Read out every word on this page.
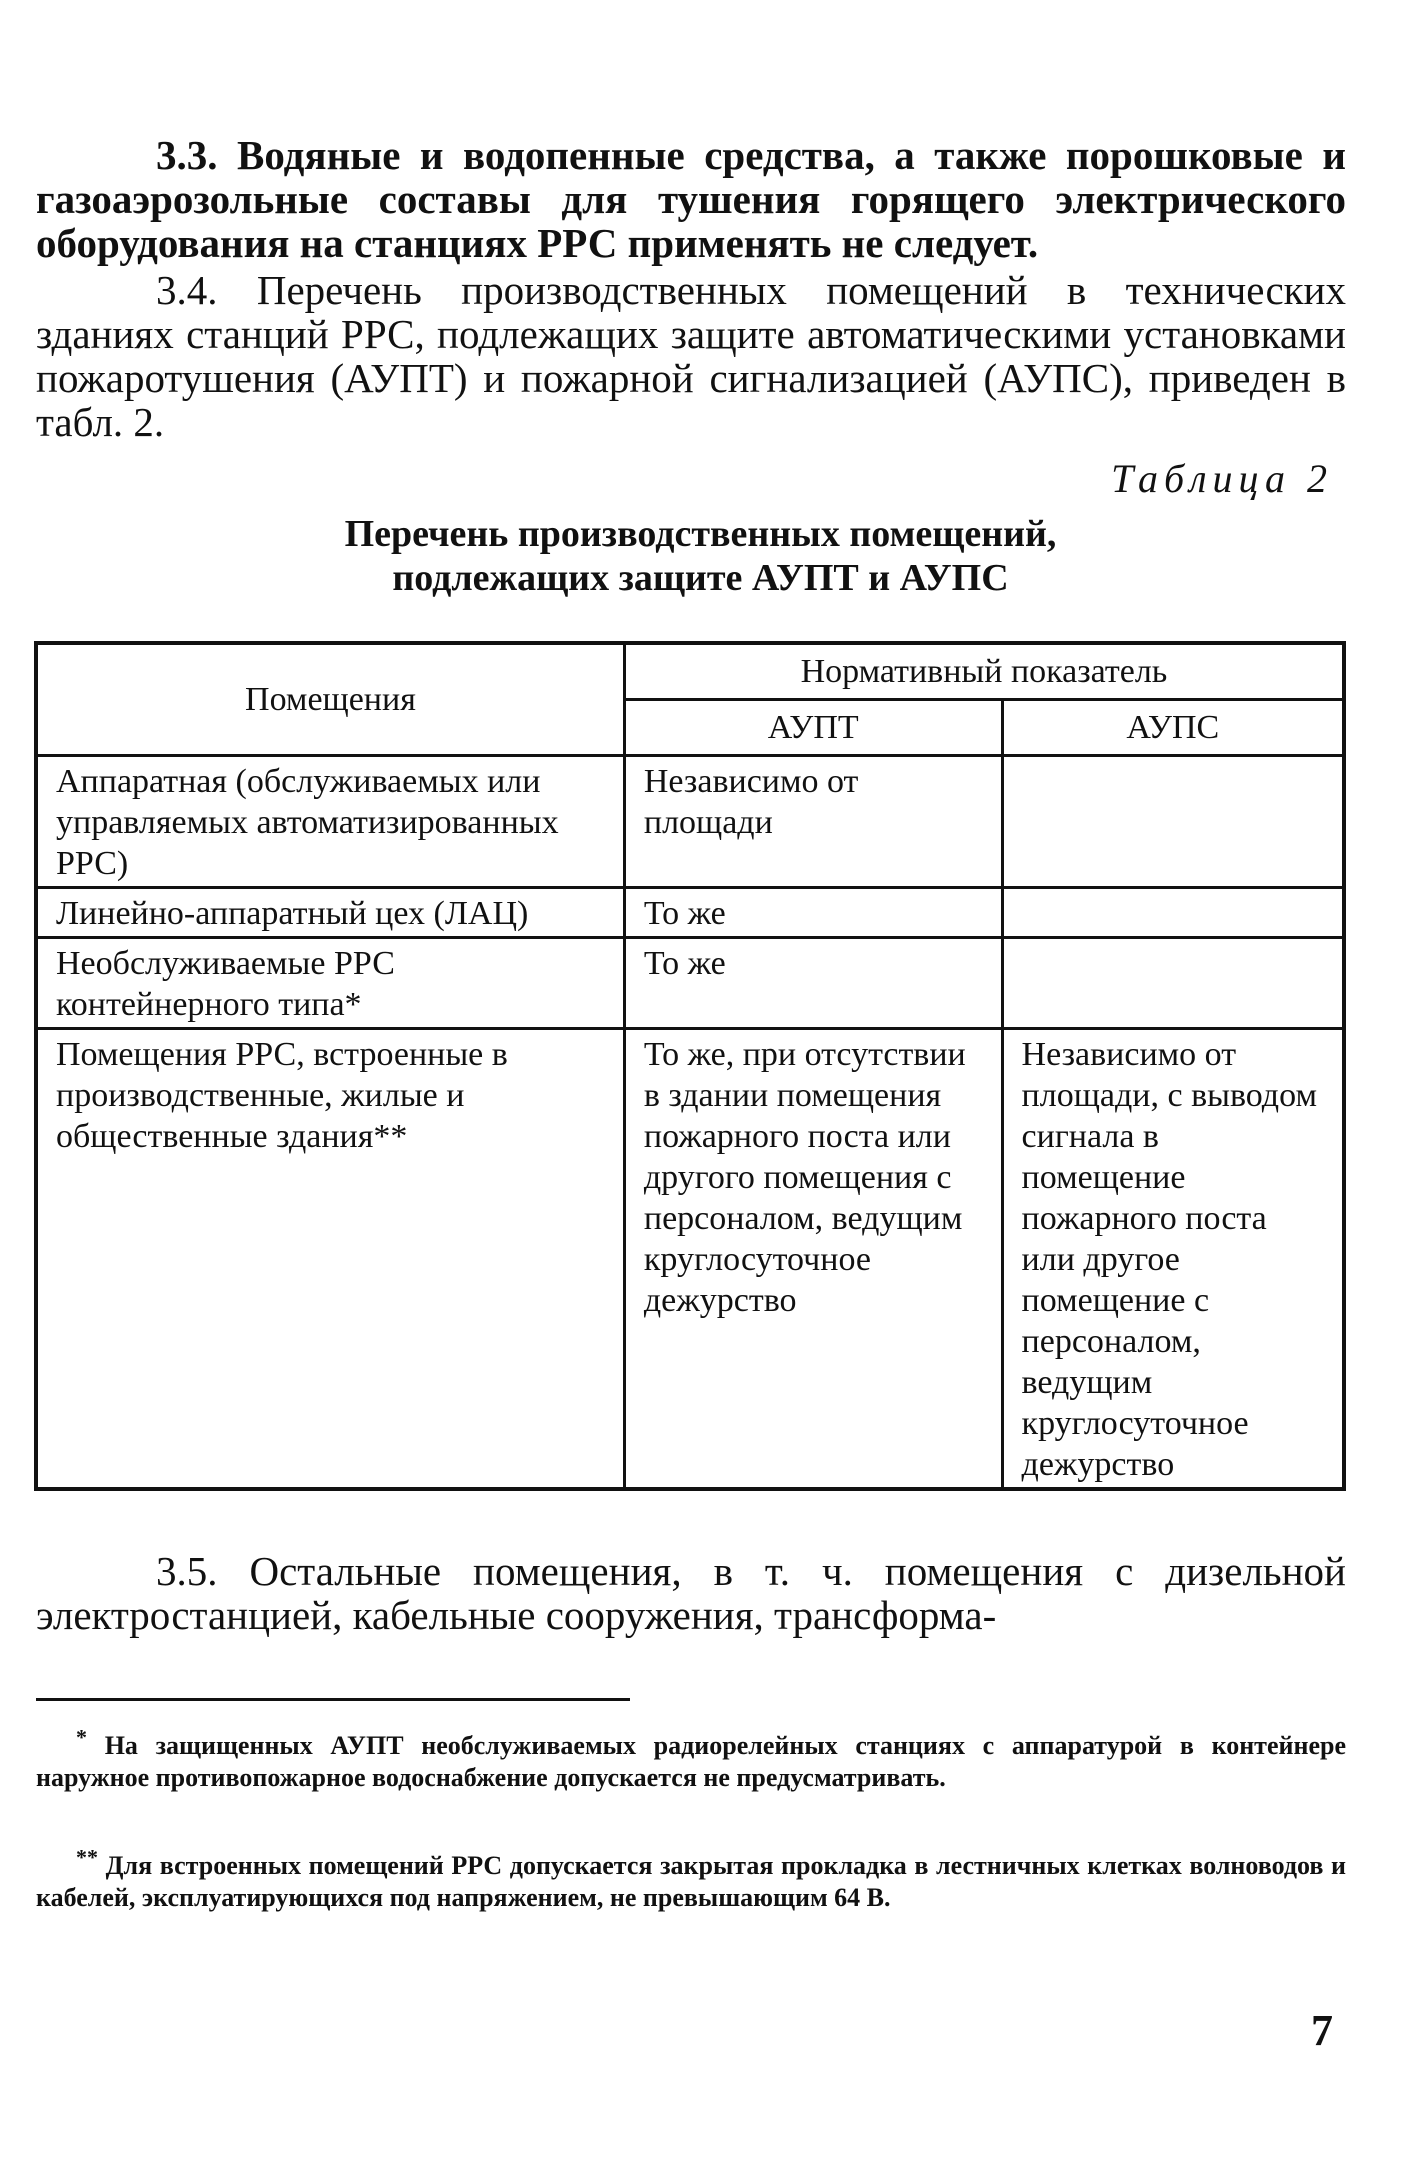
3.3. Водяные и водопенные средства, а также порошковые и газоаэрозольные составы для тушения горящего электрического оборудования на станциях РРС применять не следует.

3.4. Перечень производственных помещений в технических зданиях станций РРС, подлежащих защите автоматическими установками пожаротушения (АУПТ) и пожарной сигнализацией (АУПС), приведен в табл. 2.

Таблица 2
Перечень производственных помещений,
подлежащих защите АУПТ и АУПС
Помещения	Нормативный показатель	
	АУПТ	АУПС
Аппаратная (обслуживаемых или управляемых автоматизированных РРС)	Независимо от площади	
Линейно-аппаратный цех (ЛАЦ)	То же	
Необслуживаемые РРС контейнерного типа*	То же	
Помещения РРС, встроенные в производственные, жилые и общественные здания**	То же, при отсутствии в здании помещения пожарного поста или другого помещения с персоналом, ведущим круглосуточное дежурство	Независимо от площади, с выводом сигнала в помещение пожарного поста или другое помещение с персоналом, ведущим круглосуточное дежурство

3.5. Остальные помещения, в т. ч. помещения с дизельной электростанцией, кабельные сооружения, трансформа-

* На защищенных АУПТ необслуживаемых радиорелейных станциях с аппаратурой в контейнере наружное противопожарное водоснабжение допускается не предусматривать.

** Для встроенных помещений РРС допускается закрытая прокладка в лестничных клетках волноводов и кабелей, эксплуатирующихся под напряжением, не превышающим 64 В.

7
